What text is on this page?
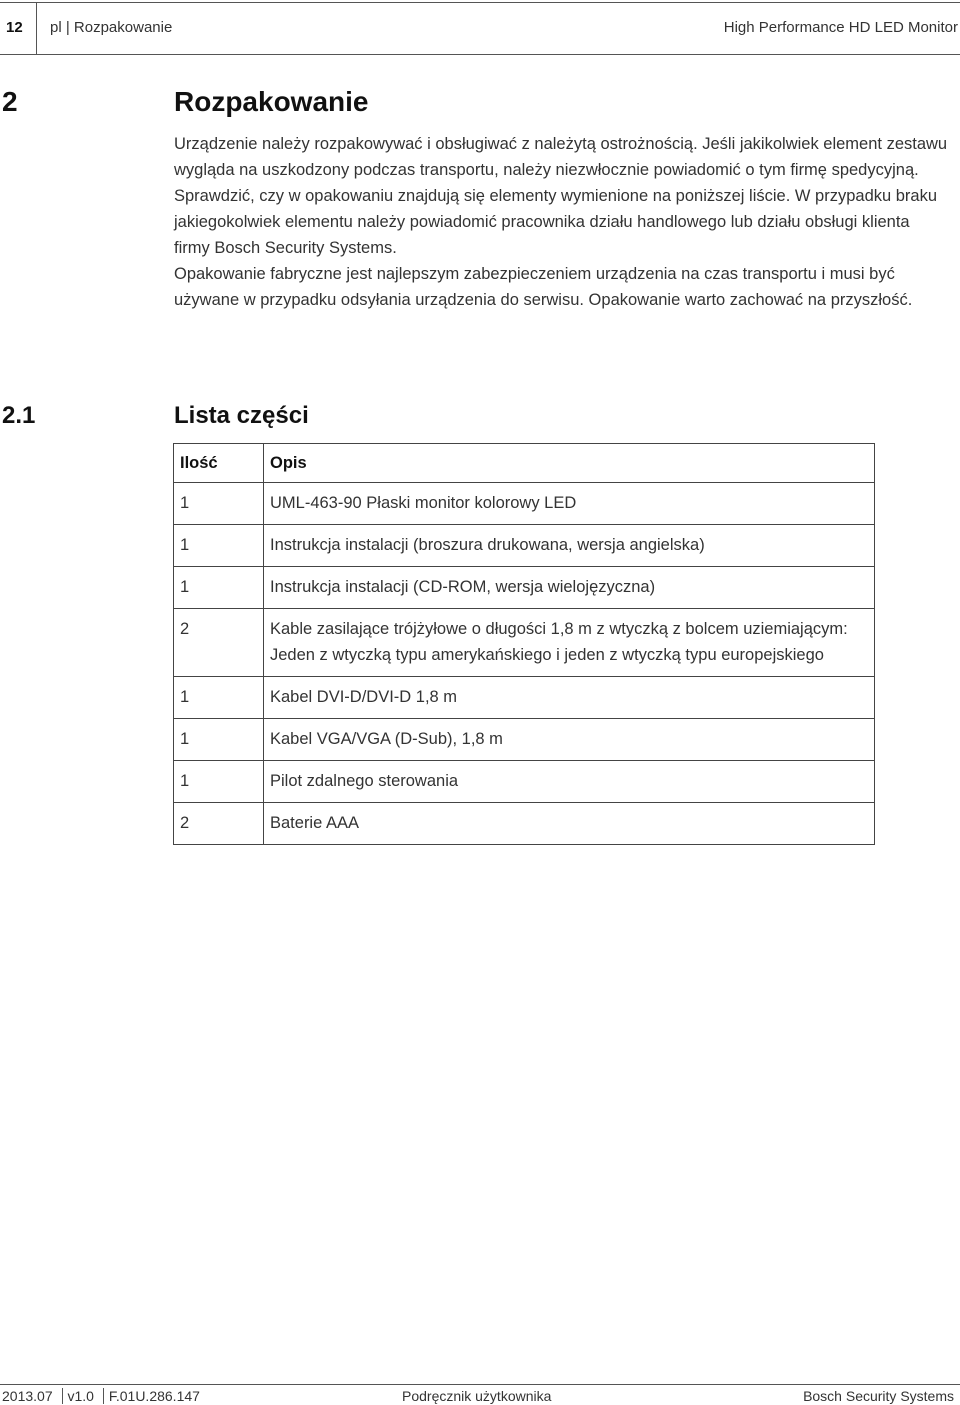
12 pl | Rozpakowanie	High Performance HD LED Monitor
2	Rozpakowanie

Urządzenie należy rozpakowywać i obsługiwać z należytą ostrożnością. Jeśli jakikolwiek element zestawu wygląda na uszkodzony podczas transportu, należy niezwłocznie powiadomić o tym firmę spedycyjną.

Sprawdzić, czy w opakowaniu znajdują się elementy wymienione na poniższej liście. W przypadku braku jakiegokolwiek elementu należy powiadomić pracownika działu handlowego lub działu obsługi klienta firmy Bosch Security Systems.

Opakowanie fabryczne jest najlepszym zabezpieczeniem urządzenia na czas transportu i musi być używane w przypadku odsyłania urządzenia do serwisu. Opakowanie warto zachować na przyszłość.

2.1	Lista części
Ilość	Opis
1	UML-463-90 Płaski monitor kolorowy LED
1	Instrukcja instalacji (broszura drukowana, wersja angielska)
1	Instrukcja instalacji (CD-ROM, wersja wielojęzyczna)
2	Kable zasilające trójżyłowe o długości 1,8 m z wtyczką z bolcem uziemiającym:
Jeden z wtyczką typu amerykańskiego i jeden z wtyczką typu europejskiego
1	Kabel DVI-D/DVI-D 1,8 m
1	Kabel VGA/VGA (D-Sub), 1,8 m
1	Pilot zdalnego sterowania
2	Baterie AAA
2013.07 v1.0 F.01U.286.147	Podręcznik użytkownika	Bosch Security Systems
